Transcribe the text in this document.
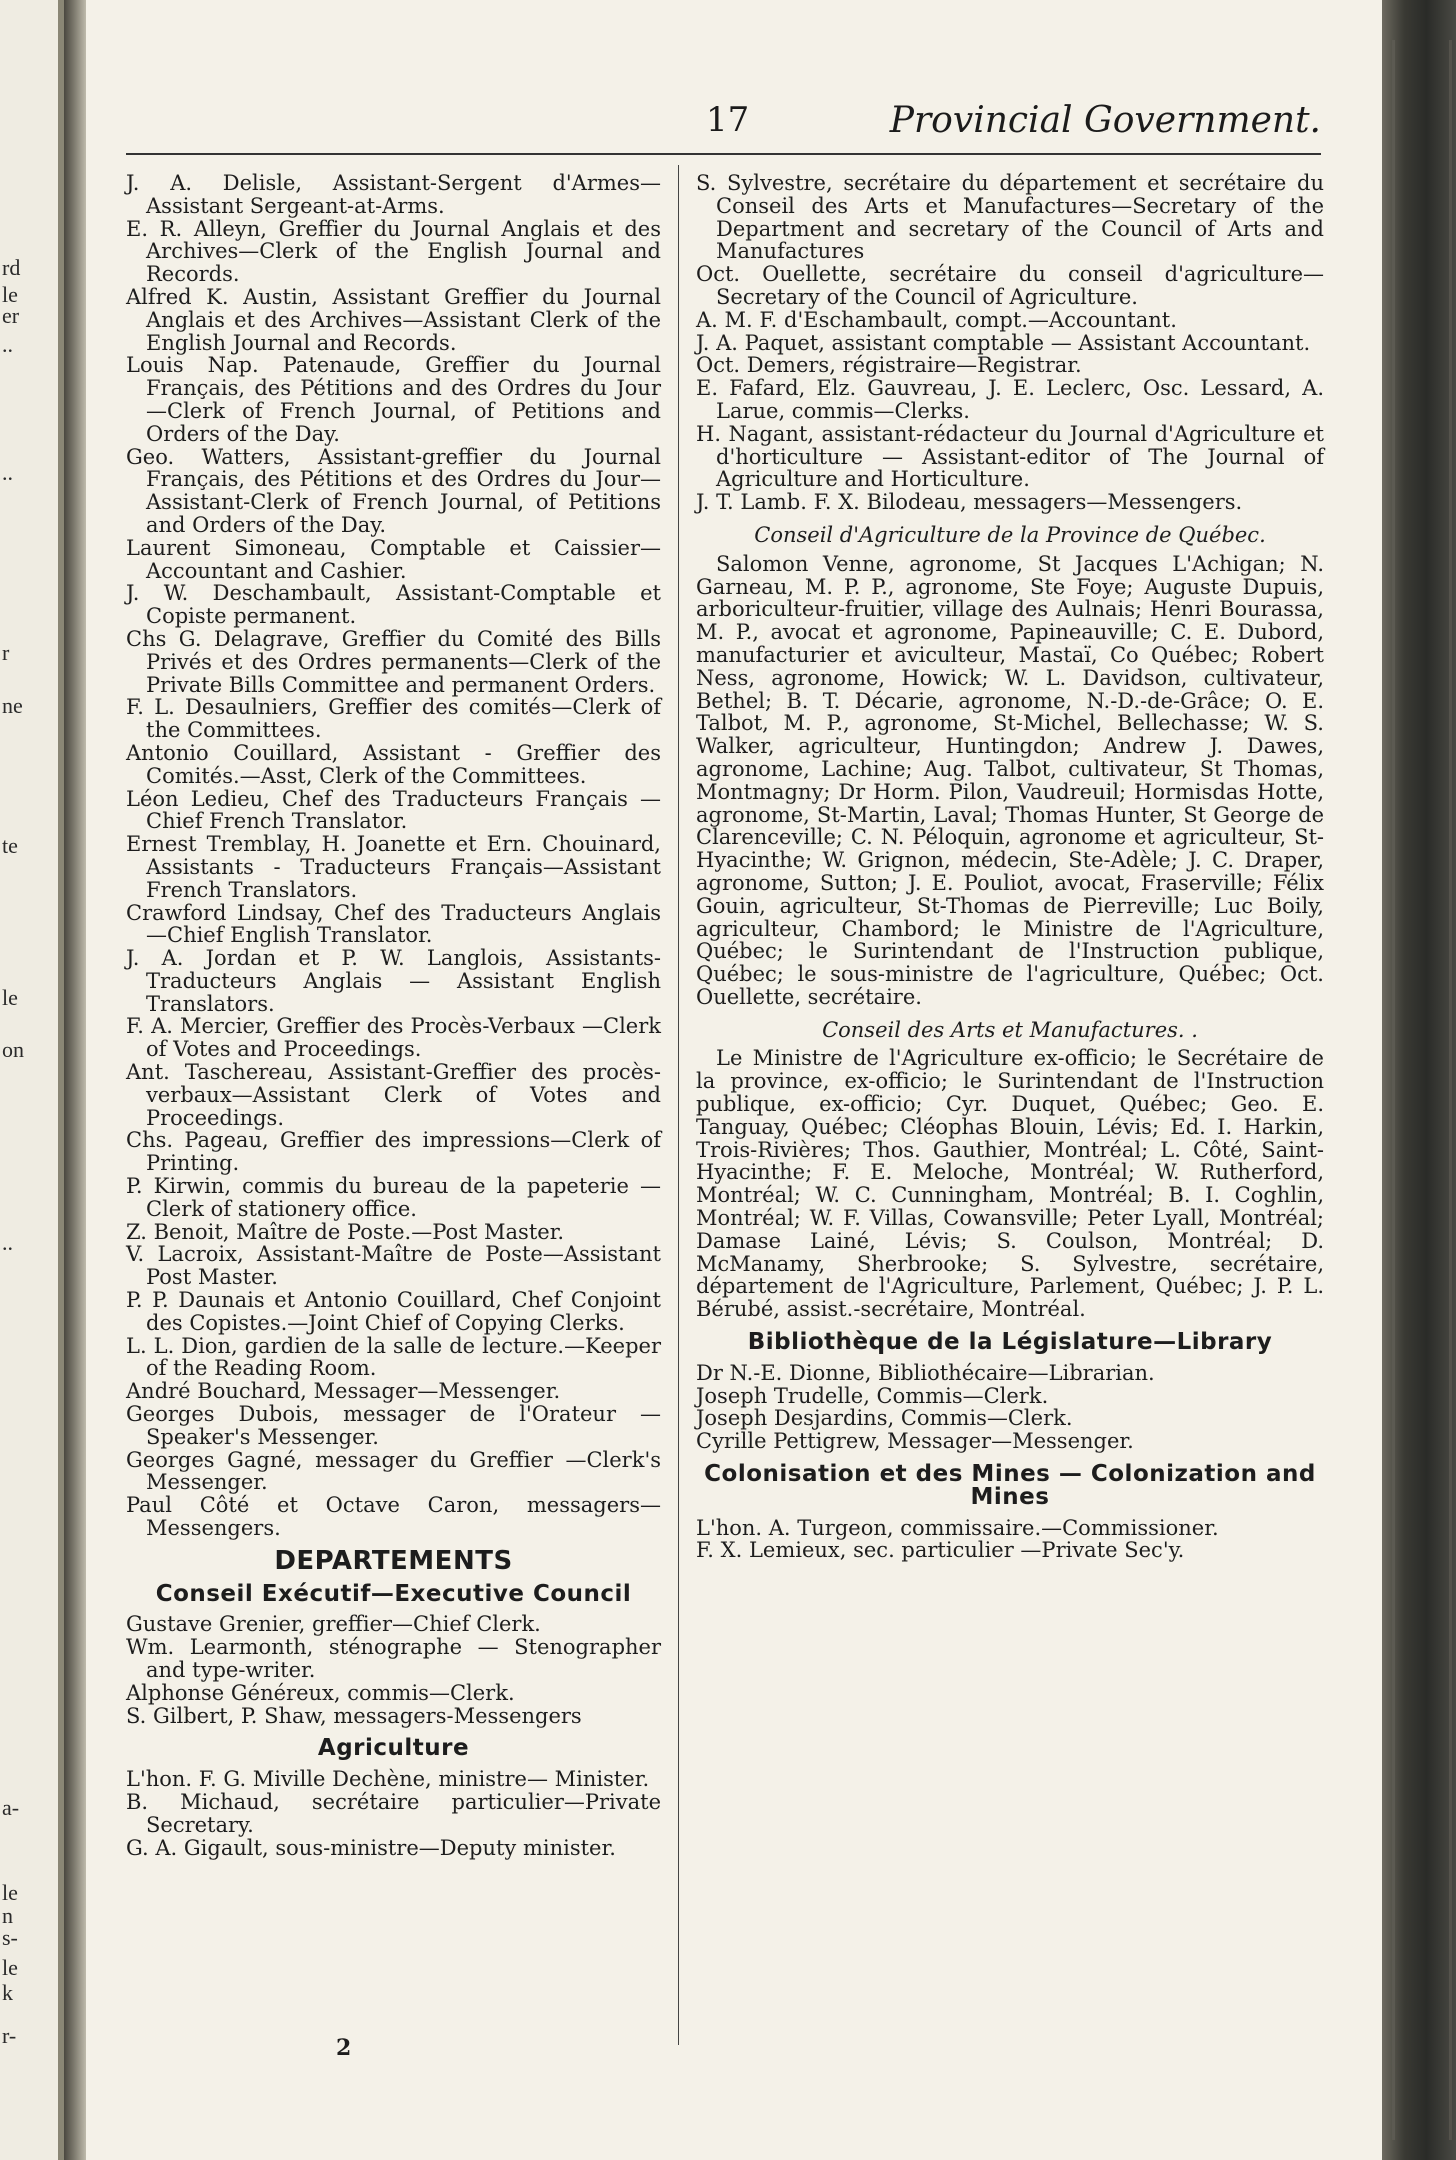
rd
le
er
..
..
r
ne
te
le
on
..
a-
le
n
s-
le
k
r-
17	Provincial Government.

J. A. Delisle, Assistant-Sergent d'Armes—Assistant Sergeant-at-Arms.

E. R. Alleyn, Greffier du Journal Anglais et des Archives—Clerk of the English Journal and Records.

Alfred K. Austin, Assistant Greffier du Journal Anglais et des Archives—Assistant Clerk of the English Journal and Records.

Louis Nap. Patenaude, Greffier du Journal Français, des Pétitions and des Ordres du Jour—Clerk of French Journal, of Petitions and Orders of the Day.

Geo. Watters, Assistant-greffier du Journal Français, des Pétitions et des Ordres du Jour—Assistant-Clerk of French Journal, of Petitions and Orders of the Day.

Laurent Simoneau, Comptable et Caissier—Accountant and Cashier.

J. W. Deschambault, Assistant-Comptable et Copiste permanent.

Chs G. Delagrave, Greffier du Comité des Bills Privés et des Ordres permanents—Clerk of the Private Bills Committee and permanent Orders.

F. L. Desaulniers, Greffier des comités—Clerk of the Committees.

Antonio Couillard, Assistant - Greffier des Comités.—Asst, Clerk of the Committees.

Léon Ledieu, Chef des Traducteurs Français —Chief French Translator.

Ernest Tremblay, H. Joanette et Ern. Chouinard, Assistants - Traducteurs Français—Assistant French Translators.

Crawford Lindsay, Chef des Traducteurs Anglais—Chief English Translator.

J. A. Jordan et P. W. Langlois, Assistants-Traducteurs Anglais — Assistant English Translators.

F. A. Mercier, Greffier des Procès-Verbaux —Clerk of Votes and Proceedings.

Ant. Taschereau, Assistant-Greffier des procès-verbaux—Assistant Clerk of Votes and Proceedings.

Chs. Pageau, Greffier des impressions—Clerk of Printing.

P. Kirwin, commis du bureau de la papeterie —Clerk of stationery office.

Z. Benoit, Maître de Poste.—Post Master.

V. Lacroix, Assistant-Maître de Poste—Assistant Post Master.

P. P. Daunais et Antonio Couillard, Chef Conjoint des Copistes.—Joint Chief of Copying Clerks.

L. L. Dion, gardien de la salle de lecture.—Keeper of the Reading Room.

André Bouchard, Messager—Messenger.

Georges Dubois, messager de l'Orateur — Speaker's Messenger.

Georges Gagné, messager du Greffier —Clerk's Messenger.

Paul Côté et Octave Caron, messagers—Messengers.

DEPARTEMENTS
Conseil Exécutif—Executive Council

Gustave Grenier, greffier—Chief Clerk.

Wm. Learmonth, sténographe — Stenographer and type-writer.

Alphonse Généreux, commis—Clerk.

S. Gilbert, P. Shaw, messagers-Messengers

Agriculture

L'hon. F. G. Miville Dechène, ministre— Minister.

B. Michaud, secrétaire particulier—Private Secretary.

G. A. Gigault, sous-ministre—Deputy minister.

2

S. Sylvestre, secrétaire du département et secrétaire du Conseil des Arts et Manufactures—Secretary of the Department and secretary of the Council of Arts and Manufactures

Oct. Ouellette, secrétaire du conseil d'agriculture—Secretary of the Council of Agriculture.

A. M. F. d'Eschambault, compt.—Accountant.

J. A. Paquet, assistant comptable — Assistant Accountant.

Oct. Demers, régistraire—Registrar.

E. Fafard, Elz. Gauvreau, J. E. Leclerc, Osc. Lessard, A. Larue, commis—Clerks.

H. Nagant, assistant-rédacteur du Journal d'Agriculture et d'horticulture — Assistant-editor of The Journal of Agriculture and Horticulture.

J. T. Lamb. F. X. Bilodeau, messagers—Messengers.

Conseil d'Agriculture de la Province de Québec.

Salomon Venne, agronome, St Jacques L'Achigan; N. Garneau, M. P. P., agronome, Ste Foye; Auguste Dupuis, arboriculteur-fruitier, village des Aulnais; Henri Bourassa, M. P., avocat et agronome, Papineauville; C. E. Dubord, manufacturier et aviculteur, Mastaï, Co Québec; Robert Ness, agronome, Howick; W. L. Davidson, cultivateur, Bethel; B. T. Décarie, agronome, N.-D.-de-Grâce; O. E. Talbot, M. P., agronome, St-Michel, Bellechasse; W. S. Walker, agriculteur, Huntingdon; Andrew J. Dawes, agronome, Lachine; Aug. Talbot, cultivateur, St Thomas, Montmagny; Dr Horm. Pilon, Vaudreuil; Hormisdas Hotte, agronome, St-Martin, Laval; Thomas Hunter, St George de Clarenceville; C. N. Péloquin, agronome et agriculteur, St-Hyacinthe; W. Grignon, médecin, Ste-Adèle; J. C. Draper, agronome, Sutton; J. E. Pouliot, avocat, Fraserville; Félix Gouin, agriculteur, St-Thomas de Pierreville; Luc Boily, agriculteur, Chambord; le Ministre de l'Agriculture, Québec; le Surintendant de l'Instruction publique, Québec; le sous-ministre de l'agriculture, Québec; Oct. Ouellette, secrétaire.

Conseil des Arts et Manufactures. .

Le Ministre de l'Agriculture ex-officio; le Secrétaire de la province, ex-officio; le Surintendant de l'Instruction publique, ex-officio; Cyr. Duquet, Québec; Geo. E. Tanguay, Québec; Cléophas Blouin, Lévis; Ed. I. Harkin, Trois-Rivières; Thos. Gauthier, Montréal; L. Côté, Saint-Hyacinthe; F. E. Meloche, Montréal; W. Rutherford, Montréal; W. C. Cunningham, Montréal; B. I. Coghlin, Montréal; W. F. Villas, Cowansville; Peter Lyall, Montréal; Damase Lainé, Lévis; S. Coulson, Montréal; D. McManamy, Sherbrooke; S. Sylvestre, secrétaire, département de l'Agriculture, Parlement, Québec; J. P. L. Bérubé, assist.-secrétaire, Montréal.

Bibliothèque de la Législature—Library

Dr N.-E. Dionne, Bibliothécaire—Librarian.

Joseph Trudelle, Commis—Clerk.

Joseph Desjardins, Commis—Clerk.

Cyrille Pettigrew, Messager—Messenger.

Colonisation et des Mines — Colonization and Mines

L'hon. A. Turgeon, commissaire.—Commissioner.

F. X. Lemieux, sec. particulier —Private Sec'y.
